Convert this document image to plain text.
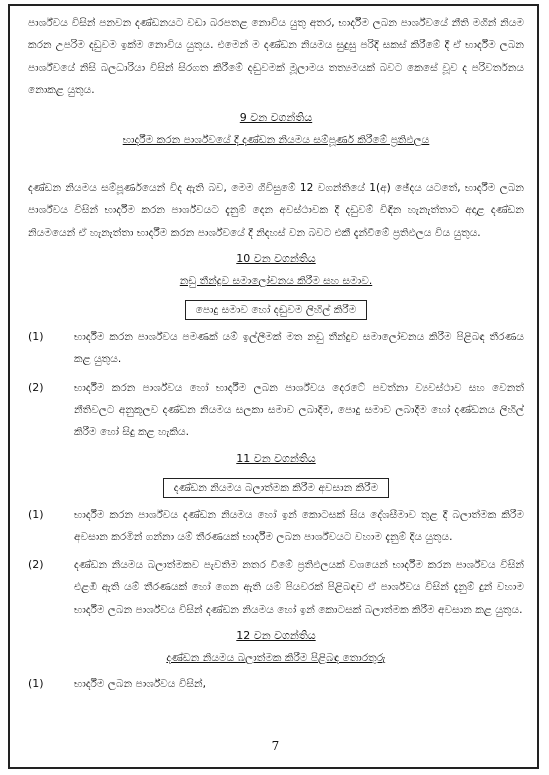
පාර්ශ්වය විසින් පනවන දණ්ඩනයට වඩා බරපතළ නොවිය යුතු අතර, භාර්දීම ලබන පාර්ශ්වයේ නීති මගින් නියම කරන උපරිම දඩුවම ඉක්ම නොවිය යුතුය. එමෙන් ම දණ්ඩන නියමය සුදුසු පරිදි සකස් කිරීමේ දී ඒ භාර්දීම ලබන පාර්ශ්වයේ නිසි බලධාරියා විසින් සිරගත කිරීමේ දඬුවමක් මූලාමය තත්‍යමයක් බවට කෙසේ වූව ද පරිවර්තනය නොකළ යුතුය.

9 වන වගන්තිය

භාර්දීම කරන පාර්ශ්වයේ දී දණ්ඩන නියමය සම්පූර්ණ කිරීමේ ප්‍රතිඵලය

දණ්ඩන නියමය සම්පූර්ණයෙන් විද ඇති බව, මෙම ගිවිසුමේ 12 වගන්තියේ 1(අ) ඡේදය යටතේ, භාර්දීම ලබන පාර්ශ්වය විසින් භාර්දීම කරන පාර්ශ්වයට දැනුම් දෙන අවස්ථාවක දී දඩුවම් විඳින හැනැත්තාට අදාළ දණ්ඩන නියමයෙන් ඒ හැනැත්තා භාර්දීම කරන පාර්ශ්වයේ දී නිදහස් වන බවට එකී දැන්වීමේ ප්‍රතිඵලය විය යුතුය.

10 වන වගන්තිය

නඩු තීන්දුව සමාලෝචනය කිරීම සහ සමාව.

පොදු සමාව හෝ දඬුවම ලිහිල් කිරීම
(1)	භාර්දීම කරන පාර්ශ්වය පමණක් යම් ඉල්ලීමක් මත නඩු තීන්දුව සමාලෝචනය කිරීම පිළිබඳ තීරණය කළ යුතුය.

(2)	භාර්දීම කරන පාර්ශ්වය හෝ භාර්දීම ලබන පාර්ශ්වය දෙරටේ පවත්නා ව්‍යවස්ථාව සහ වෙනත් නීතිවලට අනුකූලව දණ්ඩන නියමය සලකා සමාව ලබාදීම, පොදු සමාව ලබාදීම හෝ දණ්ඩනය ලිහිල් කිරීම හෝ සිදු කළ හැකිය.

11 වන වගන්තිය

දණ්ඩන නියමය බලාත්මක කිරීම අවසාන කිරීම
(1)	භාර්දීම කරන පාර්ශ්වය දණ්ඩන නියමය හෝ ඉන් කොටසක් සිය දේශසීමාව තුළ දී බලාත්මක කිරීම අවසාන කරමින් ගන්නා යම් තීරණයක් භාර්දීම ලබන පාර්ශ්වයට වහාම දැනුම් දිය යුතුය.

(2)	දණ්ඩන නියමය බලාත්මකව පැවතිම නතර වීමේ ප්‍රතිඵලයක් වශයෙන් භාර්දීම කරන පාර්ශ්වය විසින් එළඹී ඇති යම් තීරණයක් හෝ ගෙන ඇති යම් පියවරක් පිළිබඳව ඒ පාර්ශ්වය විසින් දැනුම් දුන් වහාම භාර්දීම ලබන පාර්ශ්වය විසින් දණ්ඩන නියමය හෝ ඉන් කොටසක් බලාත්මක කිරීම අවසාන කළ යුතුය.

12 වන වගන්තිය

දණ්ඩන නියමය බලාත්මක කිරීම පිළිබඳ තොරතුරු

(1)	භාර්දීම ලබන පාර්ශ්වය විසින්,

7
